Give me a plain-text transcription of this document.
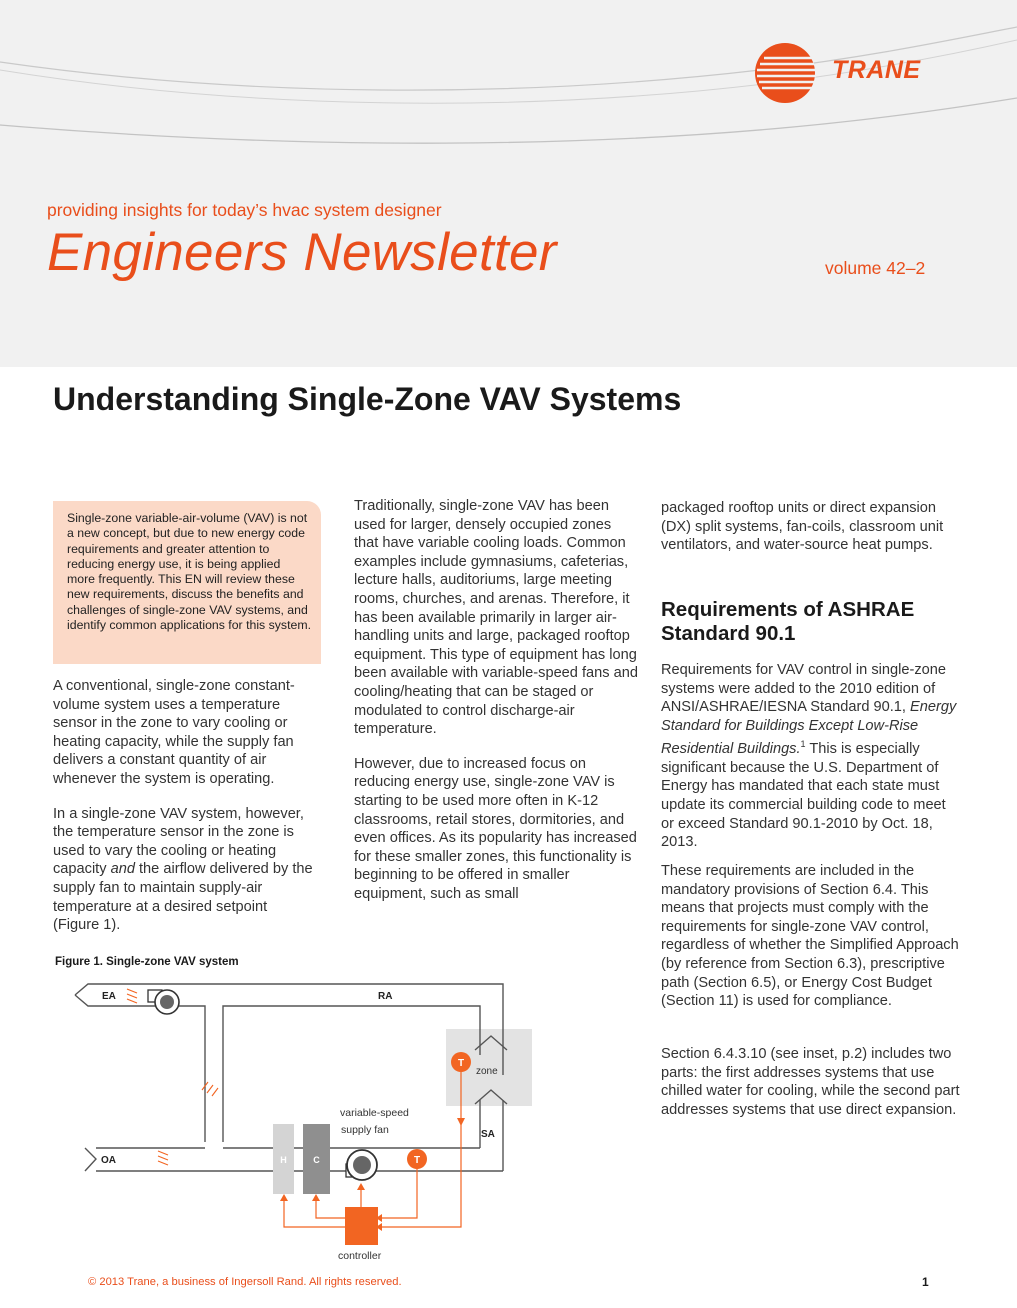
TRANE
providing insights for today’s hvac system designer
Engineers Newsletter	volume 42–2
Understanding Single-Zone VAV Systems

Single-zone variable-air-volume (VAV) is not a new concept, but due to new energy code requirements and greater attention to reducing energy use, it is being applied more frequently. This EN will review these new requirements, discuss the benefits and challenges of single-zone VAV systems, and identify common applications for this system.

A conventional, single-zone constant-volume system uses a temperature sensor in the zone to vary cooling or heating capacity, while the supply fan delivers a constant quantity of air whenever the system is operating.

In a single-zone VAV system, however, the temperature sensor in the zone is used to vary the cooling or heating capacity and the airflow delivered by the supply fan to maintain supply-air temperature at a desired setpoint (Figure 1).

Traditionally, single-zone VAV has been used for larger, densely occupied zones that have variable cooling loads. Common examples include gymnasiums, cafeterias, lecture halls, auditoriums, large meeting rooms, churches, and arenas. Therefore, it has been available primarily in larger air-handling units and large, packaged rooftop equipment. This type of equipment has long been available with variable-speed fans and cooling/heating that can be staged or modulated to control discharge-air temperature.

However, due to increased focus on reducing energy use, single-zone VAV is starting to be used more often in K-12 classrooms, retail stores, dormitories, and even offices. As its popularity has increased for these smaller zones, this functionality is beginning to be offered in smaller equipment, such as small

packaged rooftop units or direct expansion (DX) split systems, fan-coils, classroom unit ventilators, and water-source heat pumps.
Requirements of ASHRAE Standard 90.1
Requirements for VAV control in single-zone systems were added to the 2010 edition of ANSI/ASHRAE/IESNA Standard 90.1, Energy Standard for Buildings Except Low-Rise Residential Buildings.$^1$ This is especially significant because the U.S. Department of Energy has mandated that each state must update its commercial building code to meet or exceed Standard 90.1-2010 by Oct. 18, 2013.
These requirements are included in the mandatory provisions of Section 6.4. This means that projects must comply with the requirements for single-zone VAV control, regardless of whether the Simplified Approach (by reference from Section 6.3), prescriptive path (Section 6.5), or Energy Cost Budget (Section 11) is used for compliance.
Section 6.4.3.10 (see inset, p.2) includes two parts: the first addresses systems that use chilled water for cooling, while the second part addresses systems that use direct expansion.
Figure 1. Single-zone VAV system
H	C
T
T
EA	RA
OA
SA
zone
variable-speed
supply fan
controller
© 2013 Trane, a business of Ingersoll Rand. All rights reserved.	1
